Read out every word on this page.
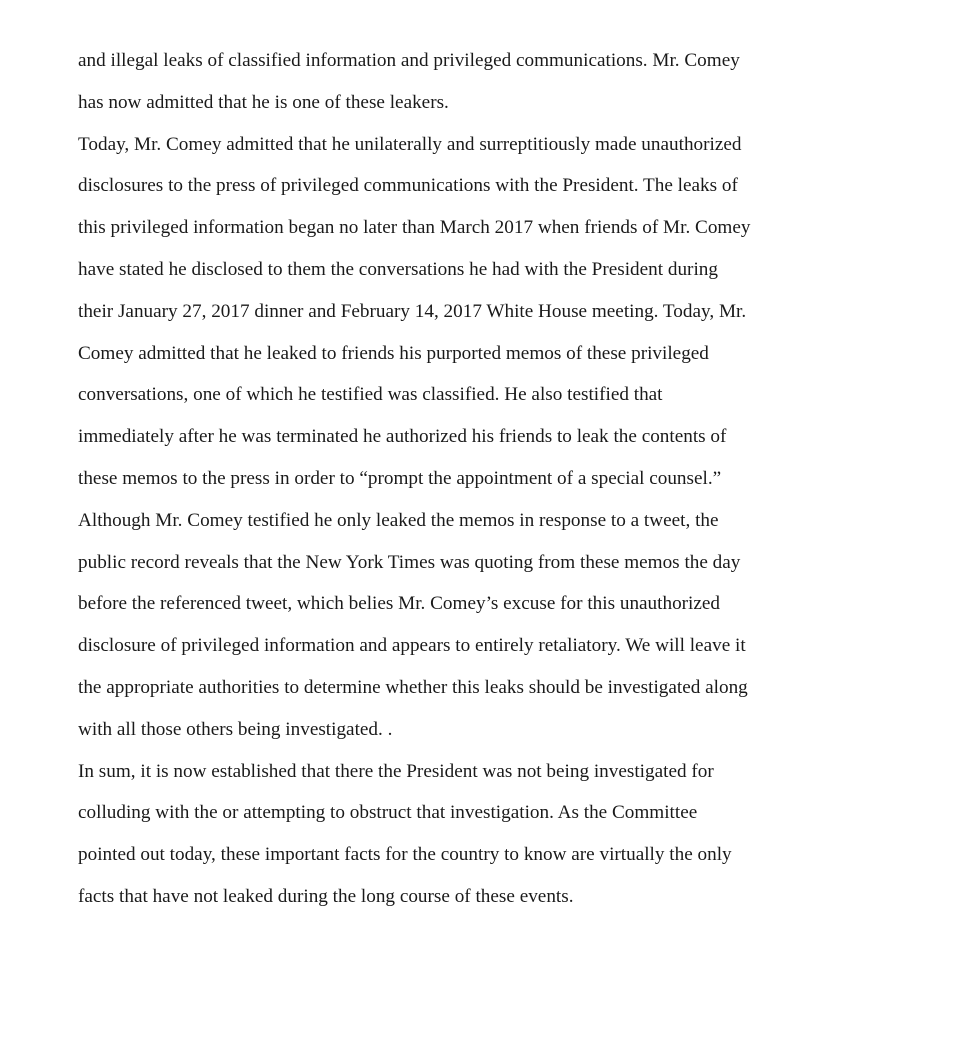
and illegal leaks of classified information and privileged communications. Mr. Comey
has now admitted that he is one of these leakers.
Today, Mr. Comey admitted that he unilaterally and surreptitiously made unauthorized
disclosures to the press of privileged communications with the President. The leaks of
this privileged information began no later than March 2017 when friends of Mr. Comey
have stated he disclosed to them the conversations he had with the President during
their January 27, 2017 dinner and February 14, 2017 White House meeting. Today, Mr.
Comey admitted that he leaked to friends his purported memos of these privileged
conversations, one of which he testified was classified. He also testified that
immediately after he was terminated he authorized his friends to leak the contents of
these memos to the press in order to “prompt the appointment of a special counsel.”
Although Mr. Comey testified he only leaked the memos in response to a tweet, the
public record reveals that the New York Times was quoting from these memos the day
before the referenced tweet, which belies Mr. Comey’s excuse for this unauthorized
disclosure of privileged information and appears to entirely retaliatory. We will leave it
the appropriate authorities to determine whether this leaks should be investigated along
with all those others being investigated. .
In sum, it is now established that there the President was not being investigated for
colluding with the or attempting to obstruct that investigation. As the Committee
pointed out today, these important facts for the country to know are virtually the only
facts that have not leaked during the long course of these events.
